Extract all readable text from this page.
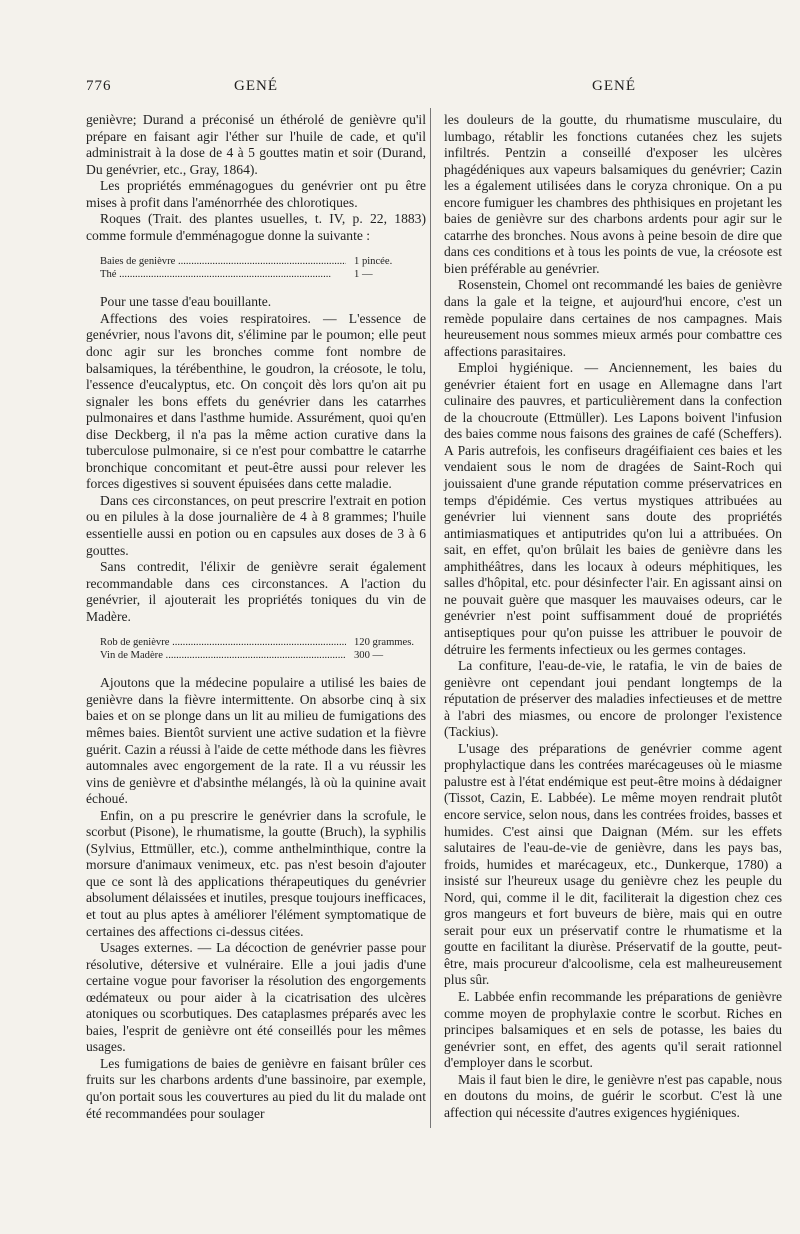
776	GENÉ	GENÉ

genièvre; Durand a préconisé un éthérolé de genièvre qu'il prépare en faisant agir l'éther sur l'huile de cade, et qu'il administrait à la dose de 4 à 5 gouttes matin et soir (Durand, Du genévrier, etc., Gray, 1864).

Les propriétés emménagogues du genévrier ont pu être mises à profit dans l'aménorrhée des chlorotiques.

Roques (Trait. des plantes usuelles, t. IV, p. 22, 1883) comme formule d'emménagogue donne la suivante :

Baies de genièvre .....	1 pincée.
Thé .....	1 —

Pour une tasse d'eau bouillante.

Affections des voies respiratoires. — L'essence de genévrier, nous l'avons dit, s'élimine par le poumon; elle peut donc agir sur les bronches comme font nombre de balsamiques, la térébenthine, le goudron, la créosote, le tolu, l'essence d'eucalyptus, etc. On conçoit dès lors qu'on ait pu signaler les bons effets du genévrier dans les catarrhes pulmonaires et dans l'asthme humide. Assurément, quoi qu'en dise Deckberg, il n'a pas la même action curative dans la tuberculose pulmonaire, si ce n'est pour combattre le catarrhe bronchique concomitant et peut-être aussi pour relever les forces digestives si souvent épuisées dans cette maladie.

Dans ces circonstances, on peut prescrire l'extrait en potion ou en pilules à la dose journalière de 4 à 8 grammes; l'huile essentielle aussi en potion ou en capsules aux doses de 3 à 6 gouttes.

Sans contredit, l'élixir de genièvre serait également recommandable dans ces circonstances. A l'action du genévrier, il ajouterait les propriétés toniques du vin de Madère.

Rob de genièvre .....	120 grammes.
Vin de Madère .....	300 —

Ajoutons que la médecine populaire a utilisé les baies de genièvre dans la fièvre intermittente. On absorbe cinq à six baies et on se plonge dans un lit au milieu de fumigations des mêmes baies. Bientôt survient une active sudation et la fièvre guérit. Cazin a réussi à l'aide de cette méthode dans les fièvres automnales avec engorgement de la rate. Il a vu réussir les vins de genièvre et d'absinthe mélangés, là où la quinine avait échoué.

Enfin, on a pu prescrire le genévrier dans la scrofule, le scorbut (Pisone), le rhumatisme, la goutte (Bruch), la syphilis (Sylvius, Ettmüller, etc.), comme anthelminthique, contre la morsure d'animaux venimeux, etc. pas n'est besoin d'ajouter que ce sont là des applications thérapeutiques du genévrier absolument délaissées et inutiles, presque toujours inefficaces, et tout au plus aptes à améliorer l'élément symptomatique de certaines des affections ci-dessus citées.

Usages externes. — La décoction de genévrier passe pour résolutive, détersive et vulnéraire. Elle a joui jadis d'une certaine vogue pour favoriser la résolution des engorgements œdémateux ou pour aider à la cicatrisation des ulcères atoniques ou scorbutiques. Des cataplasmes préparés avec les baies, l'esprit de genièvre ont été conseillés pour les mêmes usages.

Les fumigations de baies de genièvre en faisant brûler ces fruits sur les charbons ardents d'une bassinoire, par exemple, qu'on portait sous les couvertures au pied du lit du malade ont été recommandées pour soulager

les douleurs de la goutte, du rhumatisme musculaire, du lumbago, rétablir les fonctions cutanées chez les sujets infiltrés. Pentzin a conseillé d'exposer les ulcères phagédéniques aux vapeurs balsamiques du genévrier; Cazin les a également utilisées dans le coryza chronique. On a pu encore fumiguer les chambres des phthisiques en projetant les baies de genièvre sur des charbons ardents pour agir sur le catarrhe des bronches. Nous avons à peine besoin de dire que dans ces conditions et à tous les points de vue, la créosote est bien préférable au genévrier.

Rosenstein, Chomel ont recommandé les baies de genièvre dans la gale et la teigne, et aujourd'hui encore, c'est un remède populaire dans certaines de nos campagnes. Mais heureusement nous sommes mieux armés pour combattre ces affections parasitaires.

Emploi hygiénique. — Anciennement, les baies du genévrier étaient fort en usage en Allemagne dans l'art culinaire des pauvres, et particulièrement dans la confection de la choucroute (Ettmüller). Les Lapons boivent l'infusion des baies comme nous faisons des graines de café (Scheffers). A Paris autrefois, les confiseurs dragéifiaient ces baies et les vendaient sous le nom de dragées de Saint-Roch qui jouissaient d'une grande réputation comme préservatrices en temps d'épidémie. Ces vertus mystiques attribuées au genévrier lui viennent sans doute des propriétés antimiasmatiques et antiputrides qu'on lui a attribuées. On sait, en effet, qu'on brûlait les baies de genièvre dans les amphithéâtres, dans les locaux à odeurs méphitiques, les salles d'hôpital, etc. pour désinfecter l'air. En agissant ainsi on ne pouvait guère que masquer les mauvaises odeurs, car le genévrier n'est point suffisamment doué de propriétés antiseptiques pour qu'on puisse les attribuer le pouvoir de détruire les ferments infectieux ou les germes contages.

La confiture, l'eau-de-vie, le ratafia, le vin de baies de genièvre ont cependant joui pendant longtemps de la réputation de préserver des maladies infectieuses et de mettre à l'abri des miasmes, ou encore de prolonger l'existence (Tackius).

L'usage des préparations de genévrier comme agent prophylactique dans les contrées marécageuses où le miasme palustre est à l'état endémique est peut-être moins à dédaigner (Tissot, Cazin, E. Labbée). Le même moyen rendrait plutôt encore service, selon nous, dans les contrées froides, basses et humides. C'est ainsi que Daignan (Mém. sur les effets salutaires de l'eau-de-vie de genièvre, dans les pays bas, froids, humides et marécageux, etc., Dunkerque, 1780) a insisté sur l'heureux usage du genièvre chez les peuple du Nord, qui, comme il le dit, faciliterait la digestion chez ces gros mangeurs et fort buveurs de bière, mais qui en outre serait pour eux un préservatif contre le rhumatisme et la goutte en facilitant la diurèse. Préservatif de la goutte, peut-être, mais procureur d'alcoolisme, cela est malheureusement plus sûr.

E. Labbée enfin recommande les préparations de genièvre comme moyen de prophylaxie contre le scorbut. Riches en principes balsamiques et en sels de potasse, les baies du genévrier sont, en effet, des agents qu'il serait rationnel d'employer dans le scorbut.

Mais il faut bien le dire, le genièvre n'est pas capable, nous en doutons du moins, de guérir le scorbut. C'est là une affection qui nécessite d'autres exigences hygiéniques.
